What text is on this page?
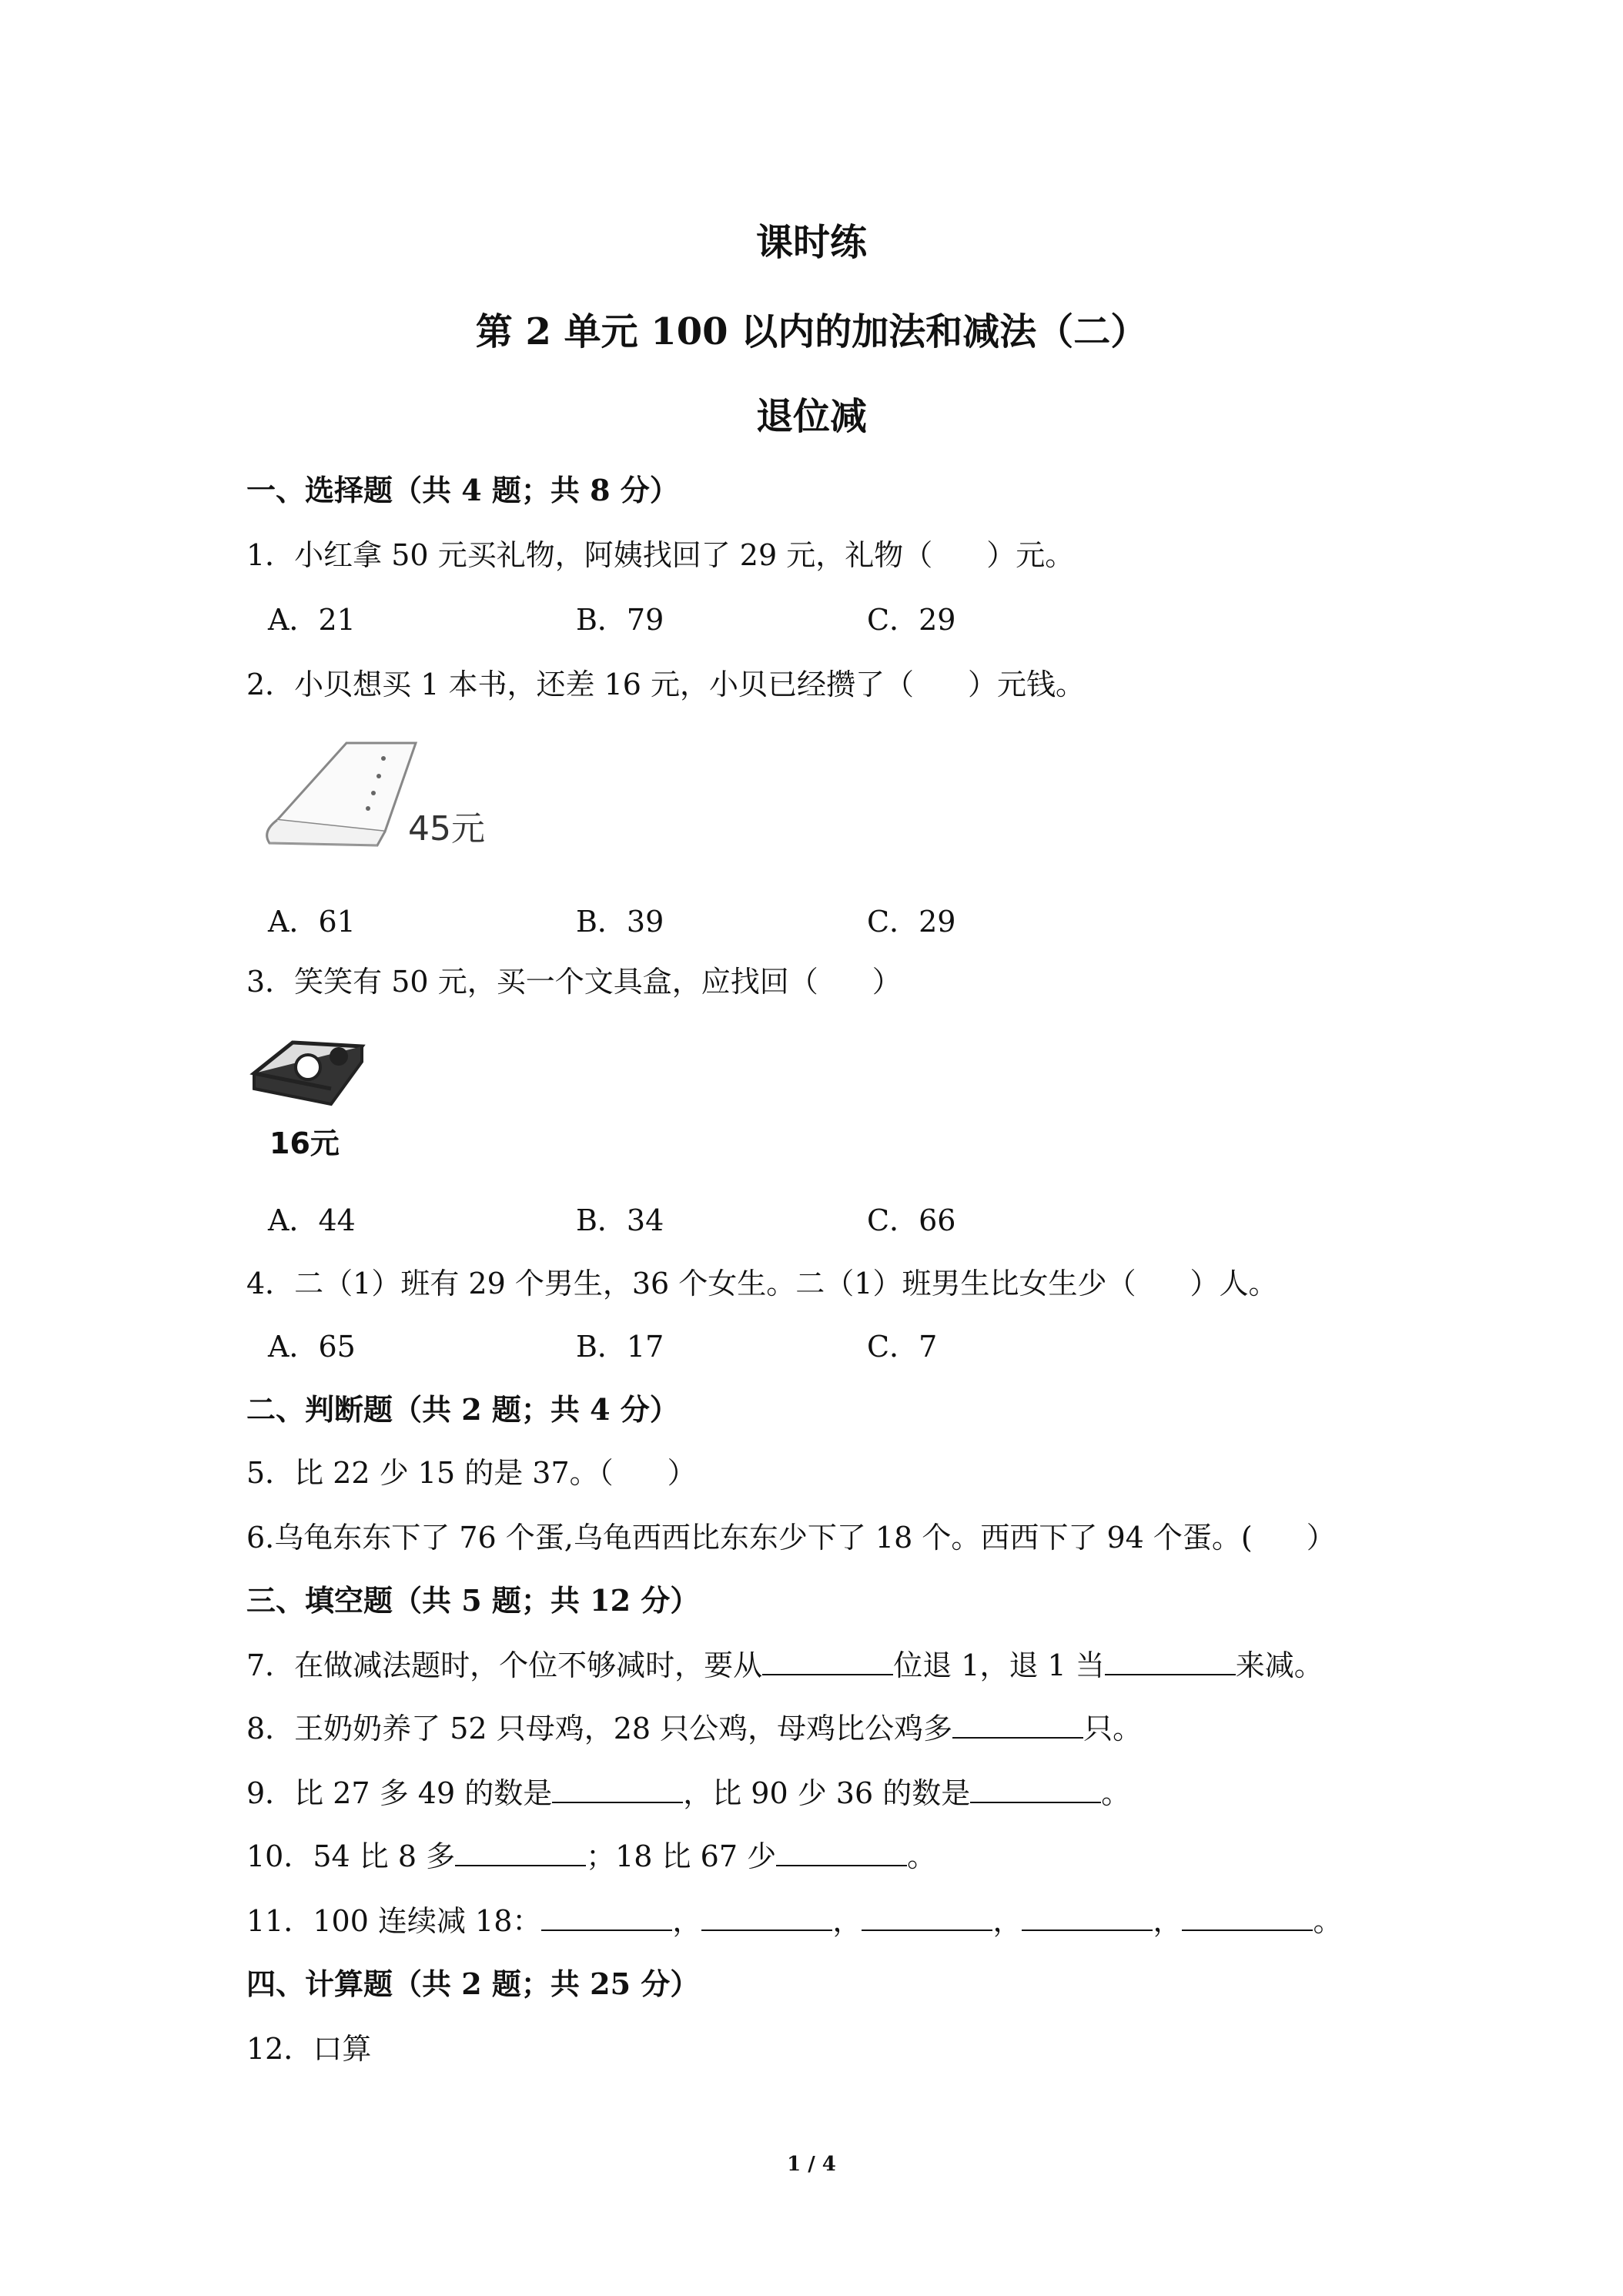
课时练
第 2 单元 100 以内的加法和减法（二）
退位减
一、选择题（共 4 题；共 8 分）
1．小红拿 50 元买礼物，阿姨找回了 29 元，礼物（ ）元。
A．21	B．79	C．29
2．小贝想买 1 本书，还差 16 元，小贝已经攒了（ ）元钱。
45元
A．61	B．39	C．29
3．笑笑有 50 元，买一个文具盒，应找回（ ）
16元
A．44	B．34	C．66
4．二（1）班有 29 个男生，36 个女生。二（1）班男生比女生少（ ）人。
A．65	B．17	C．7
二、判断题（共 2 题；共 4 分）
5．比 22 少 15 的是 37。（ ）
6.乌龟东东下了 76 个蛋,乌龟西西比东东少下了 18 个。西西下了 94 个蛋。( ）
三、填空题（共 5 题；共 12 分）
7．在做减法题时，个位不够减时，要从	位退 1，退 1 当	来减。
8．王奶奶养了 52 只母鸡，28 只公鸡，母鸡比公鸡多	只。
9．比 27 多 49 的数是	，比 90 少 36 的数是	。
10．54 比 8 多	；18 比 67 少	。
11．100 连续减 18：	，	，	，	，	。
四、计算题（共 2 题；共 25 分）
12．口算
1 / 4
